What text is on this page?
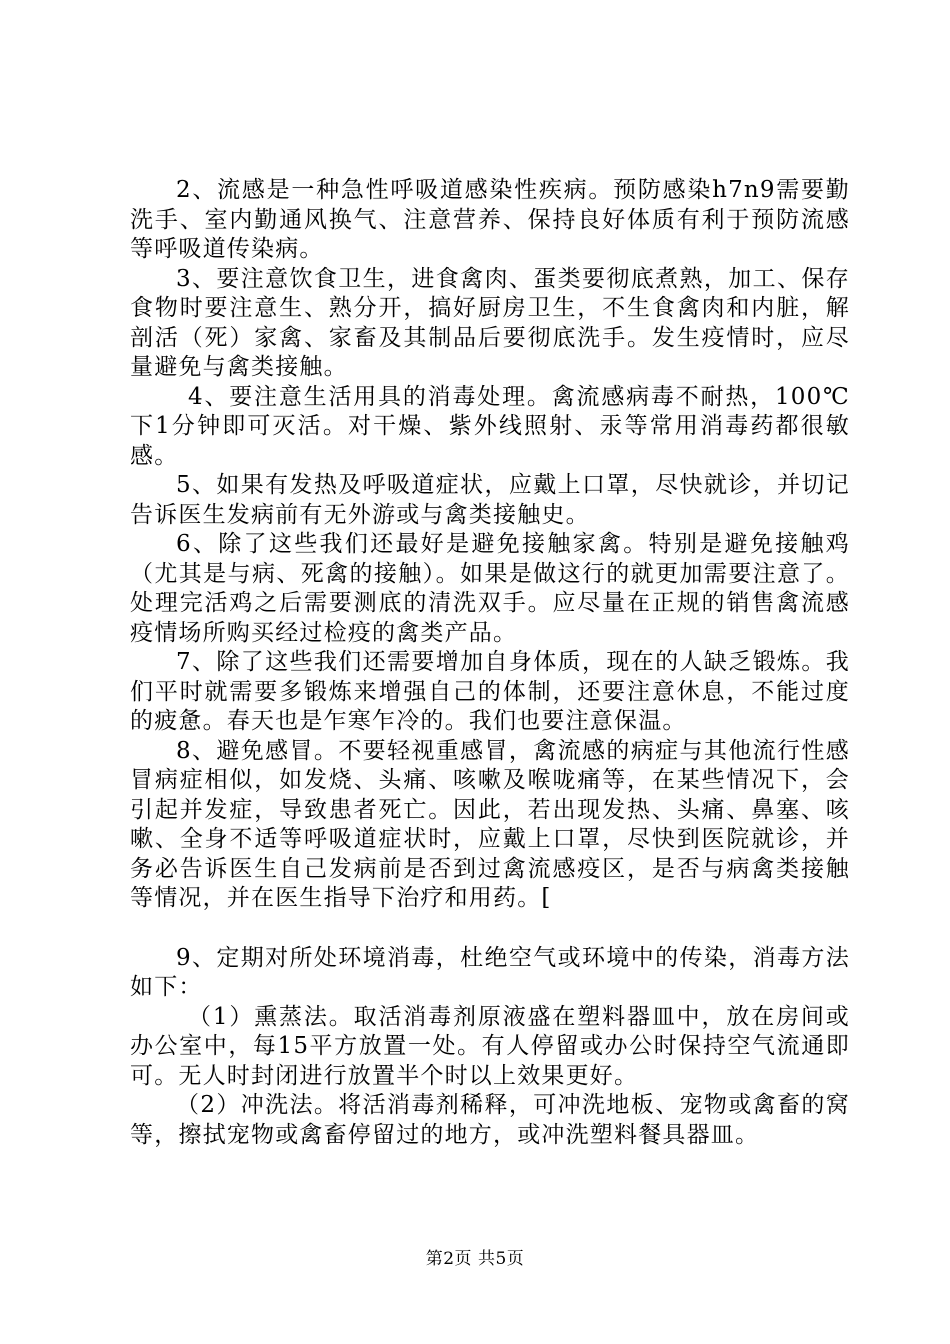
2、流感是一种急性呼吸道感染性疾病。预防感染h7n9需要勤洗手、室内勤通风换气、注意营养、保持良好体质有利于预防流感等呼吸道传染病。

3、要注意饮食卫生，进食禽肉、蛋类要彻底煮熟，加工、保存食物时要注意生、熟分开，搞好厨房卫生，不生食禽肉和内脏，解剖活（死）家禽、家畜及其制品后要彻底洗手。发生疫情时，应尽量避免与禽类接触。

4、要注意生活用具的消毒处理。禽流感病毒不耐热，100℃下1分钟即可灭活。对干燥、紫外线照射、汞等常用消毒药都很敏感。

5、如果有发热及呼吸道症状，应戴上口罩，尽快就诊，并切记告诉医生发病前有无外游或与禽类接触史。

6、除了这些我们还最好是避免接触家禽。特别是避免接触鸡（尤其是与病、死禽的接触）。如果是做这行的就更加需要注意了。处理完活鸡之后需要测底的清洗双手。应尽量在正规的销售禽流感疫情场所购买经过检疫的禽类产品。

7、除了这些我们还需要增加自身体质，现在的人缺乏锻炼。我们平时就需要多锻炼来增强自己的体制，还要注意休息，不能过度的疲惫。春天也是乍寒乍冷的。我们也要注意保温。

8、避免感冒。不要轻视重感冒，禽流感的病症与其他流行性感冒病症相似，如发烧、头痛、咳嗽及喉咙痛等，在某些情况下，会引起并发症，导致患者死亡。因此，若出现发热、头痛、鼻塞、咳嗽、全身不适等呼吸道症状时，应戴上口罩，尽快到医院就诊，并务必告诉医生自己发病前是否到过禽流感疫区，是否与病禽类接触等情况，并在医生指导下治疗和用药。[

9、定期对所处环境消毒，杜绝空气或环境中的传染，消毒方法如下：

（1）熏蒸法。取活消毒剂原液盛在塑料器皿中，放在房间或办公室中，每15平方放置一处。有人停留或办公时保持空气流通即可。无人时封闭进行放置半个时以上效果更好。

（2）冲洗法。将活消毒剂稀释，可冲洗地板、宠物或禽畜的窝等，擦拭宠物或禽畜停留过的地方，或冲洗塑料餐具器皿。

第2页 共5页
